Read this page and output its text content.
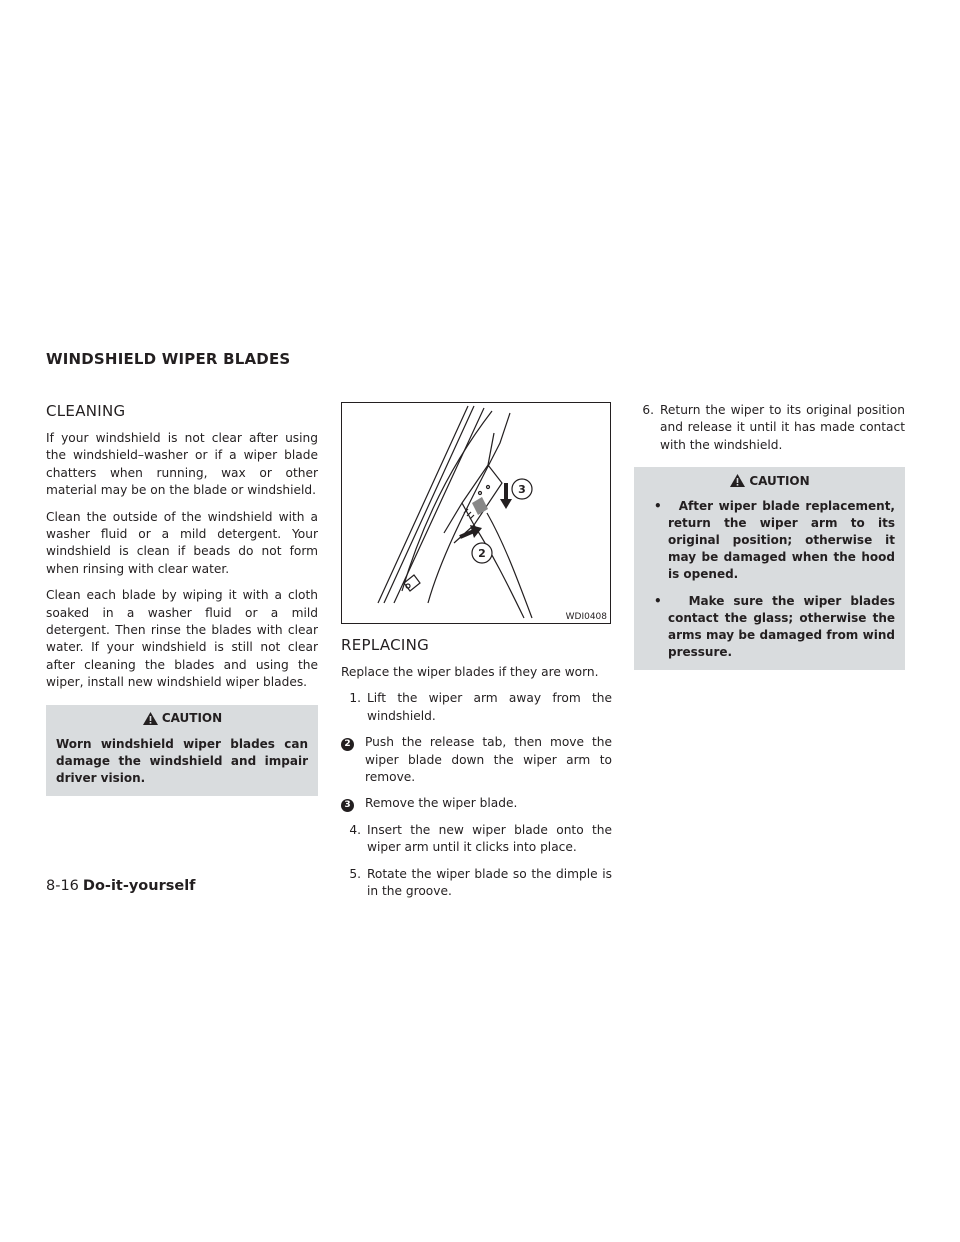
WINDSHIELD WIPER BLADES
CLEANING

If your windshield is not clear after using the windshield–washer or if a wiper blade chatters when running, wax or other material may be on the blade or windshield.

Clean the outside of the windshield with a washer fluid or a mild detergent. Your windshield is clean if beads do not form when rinsing with clear water.

Clean each blade by wiping it with a cloth soaked in a washer fluid or a mild detergent. Then rinse the blades with clear water. If your windshield is still not clear after cleaning the blades and using the wiper, install new windshield wiper blades.

CAUTION
Worn windshield wiper blades can damage the windshield and impair driver vision.
3
2
WDI0408
REPLACING

Replace the wiper blades if they are worn.

1. Lift the wiper arm away from the windshield.
2	Push the release tab, then move the wiper blade down the wiper arm to remove.
3	Remove the wiper blade.
4. Insert the new wiper blade onto the wiper arm until it clicks into place.
5. Rotate the wiper blade so the dimple is in the groove.
6. Return the wiper to its original position and release it until it has made contact with the windshield.
CAUTION
•   After wiper blade replacement, return the wiper arm to its original position; otherwise it may be damaged when the hood is opened.
•   Make sure the wiper blades contact the glass; otherwise the arms may be damaged from wind pressure.
8-16 Do-it-yourself
